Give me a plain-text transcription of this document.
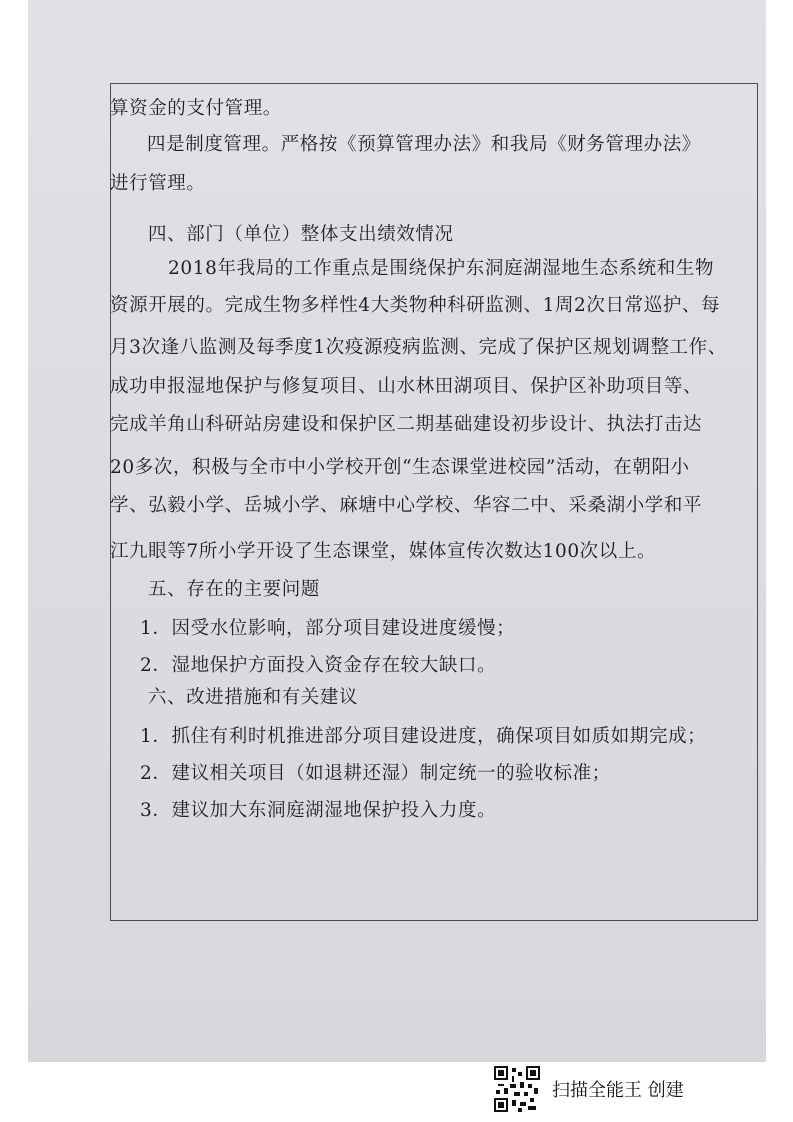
算资金的支付管理。
四是制度管理。严格按《预算管理办法》和我局《财务管理办法》
进行管理。
四、部门（单位）整体支出绩效情况
2018年我局的工作重点是围绕保护东洞庭湖湿地生态系统和生物
资源开展的。完成生物多样性4大类物种科研监测、1周2次日常巡护、每
月3次逢八监测及每季度1次疫源疫病监测、完成了保护区规划调整工作、
成功申报湿地保护与修复项目、山水林田湖项目、保护区补助项目等、
完成羊角山科研站房建设和保护区二期基础建设初步设计、执法打击达
20多次，积极与全市中小学校开创“生态课堂进校园”活动，在朝阳小
学、弘毅小学、岳城小学、麻塘中心学校、华容二中、采桑湖小学和平
江九眼等7所小学开设了生态课堂，媒体宣传次数达100次以上。
五、存在的主要问题
1．因受水位影响，部分项目建设进度缓慢；
2．湿地保护方面投入资金存在较大缺口。
六、改进措施和有关建议
1．抓住有利时机推进部分项目建设进度，确保项目如质如期完成；
2．建议相关项目（如退耕还湿）制定统一的验收标准；
3．建议加大东洞庭湖湿地保护投入力度。
扫描全能王 创建
